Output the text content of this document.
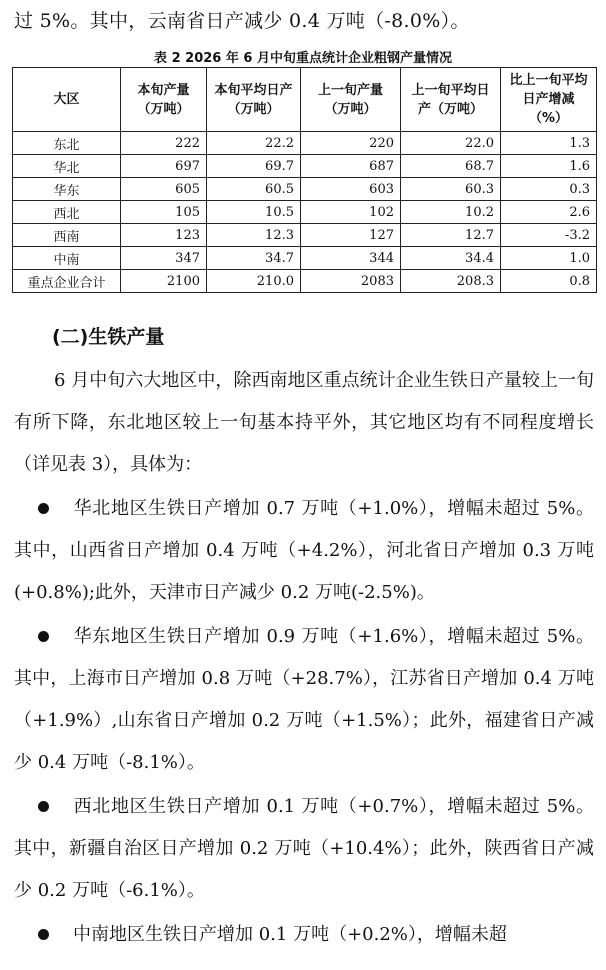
过 5%。其中，云南省日产减少 0.4 万吨（-8.0%）。
表 2 2026 年 6 月中旬重点统计企业粗钢产量情况
大区	本旬产量（万吨）	本旬平均日产（万吨）	上一旬产量（万吨）	上一旬平均日产（万吨）	比上一旬平均日产增减（%）
东北	222	22.2	220	22.0	1.3
华北	697	69.7	687	68.7	1.6
华东	605	60.5	603	60.3	0.3
西北	105	10.5	102	10.2	2.6
西南	123	12.3	127	12.7	-3.2
中南	347	34.7	344	34.4	1.0
重点企业合计	2100	210.0	2083	208.3	0.8
(二)生铁产量
6 月中旬六大地区中，除西南地区重点统计企业生铁日产量较上一旬有所下降，东北地区较上一旬基本持平外，其它地区均有不同程度增长（详见表 3），具体为：
华北地区生铁日产增加 0.7 万吨（+1.0%），增幅未超过 5%。其中，山西省日产增加 0.4 万吨（+4.2%），河北省日产增加 0.3 万吨(+0.8%);此外，天津市日产减少 0.2 万吨(-2.5%)。
华东地区生铁日产增加 0.9 万吨（+1.6%），增幅未超过 5%。其中，上海市日产增加 0.8 万吨（+28.7%），江苏省日产增加 0.4 万吨（+1.9%）,山东省日产增加 0.2 万吨（+1.5%）；此外，福建省日产减少 0.4 万吨（-8.1%）。
西北地区生铁日产增加 0.1 万吨（+0.7%），增幅未超过 5%。其中，新疆自治区日产增加 0.2 万吨（+10.4%）；此外，陕西省日产减少 0.2 万吨（-6.1%）。
中南地区生铁日产增加 0.1 万吨（+0.2%），增幅未超
